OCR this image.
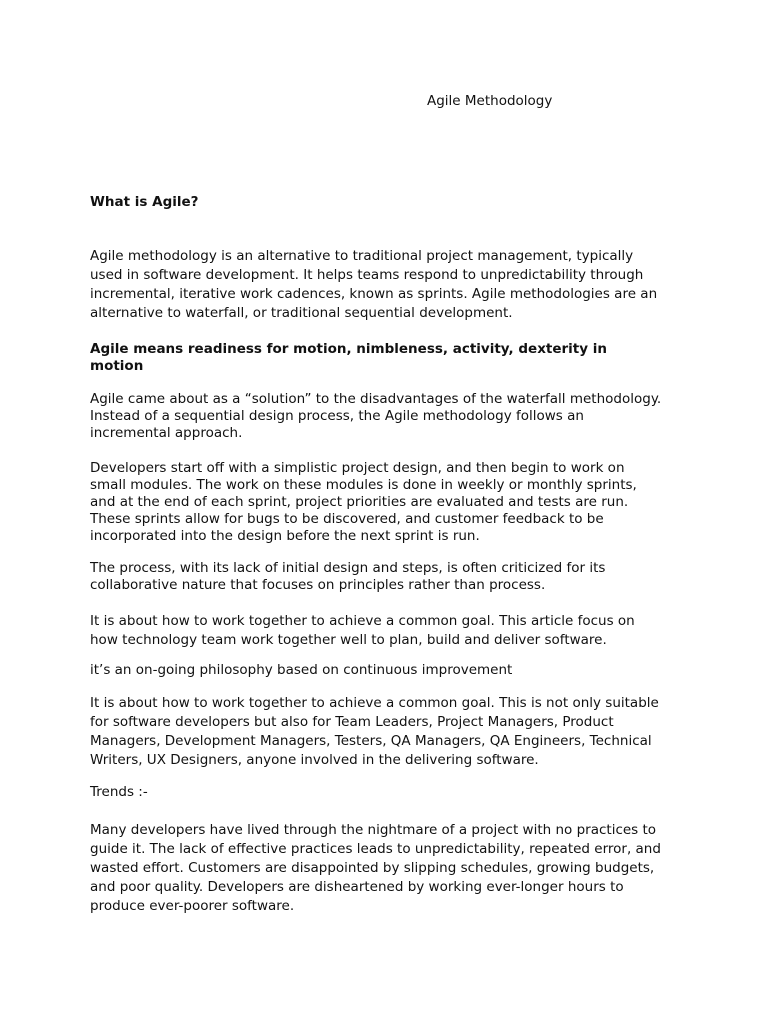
Agile Methodology
What is Agile?
Agile methodology is an alternative to traditional project management, typically
used in software development. It helps teams respond to unpredictability through
incremental, iterative work cadences, known as sprints. Agile methodologies are an
alternative to waterfall, or traditional sequential development.
Agile means readiness for motion, nimbleness, activity, dexterity in
motion
Agile came about as a “solution” to the disadvantages of the waterfall methodology.
Instead of a sequential design process, the Agile methodology follows an
incremental approach.
Developers start off with a simplistic project design, and then begin to work on
small modules. The work on these modules is done in weekly or monthly sprints,
and at the end of each sprint, project priorities are evaluated and tests are run.
These sprints allow for bugs to be discovered, and customer feedback to be
incorporated into the design before the next sprint is run.
The process, with its lack of initial design and steps, is often criticized for its
collaborative nature that focuses on principles rather than process.
It is about how to work together to achieve a common goal. This article focus on
how technology team work together well to plan, build and deliver software.
it’s an on-going philosophy based on continuous improvement
It is about how to work together to achieve a common goal. This is not only suitable
for software developers but also for Team Leaders, Project Managers, Product
Managers, Development Managers, Testers, QA Managers, QA Engineers, Technical
Writers, UX Designers, anyone involved in the delivering software.
Trends :-
Many developers have lived through the nightmare of a project with no practices to
guide it. The lack of effective practices leads to unpredictability, repeated error, and
wasted effort. Customers are disappointed by slipping schedules, growing budgets,
and poor quality. Developers are disheartened by working ever-longer hours to
produce ever-poorer software.
